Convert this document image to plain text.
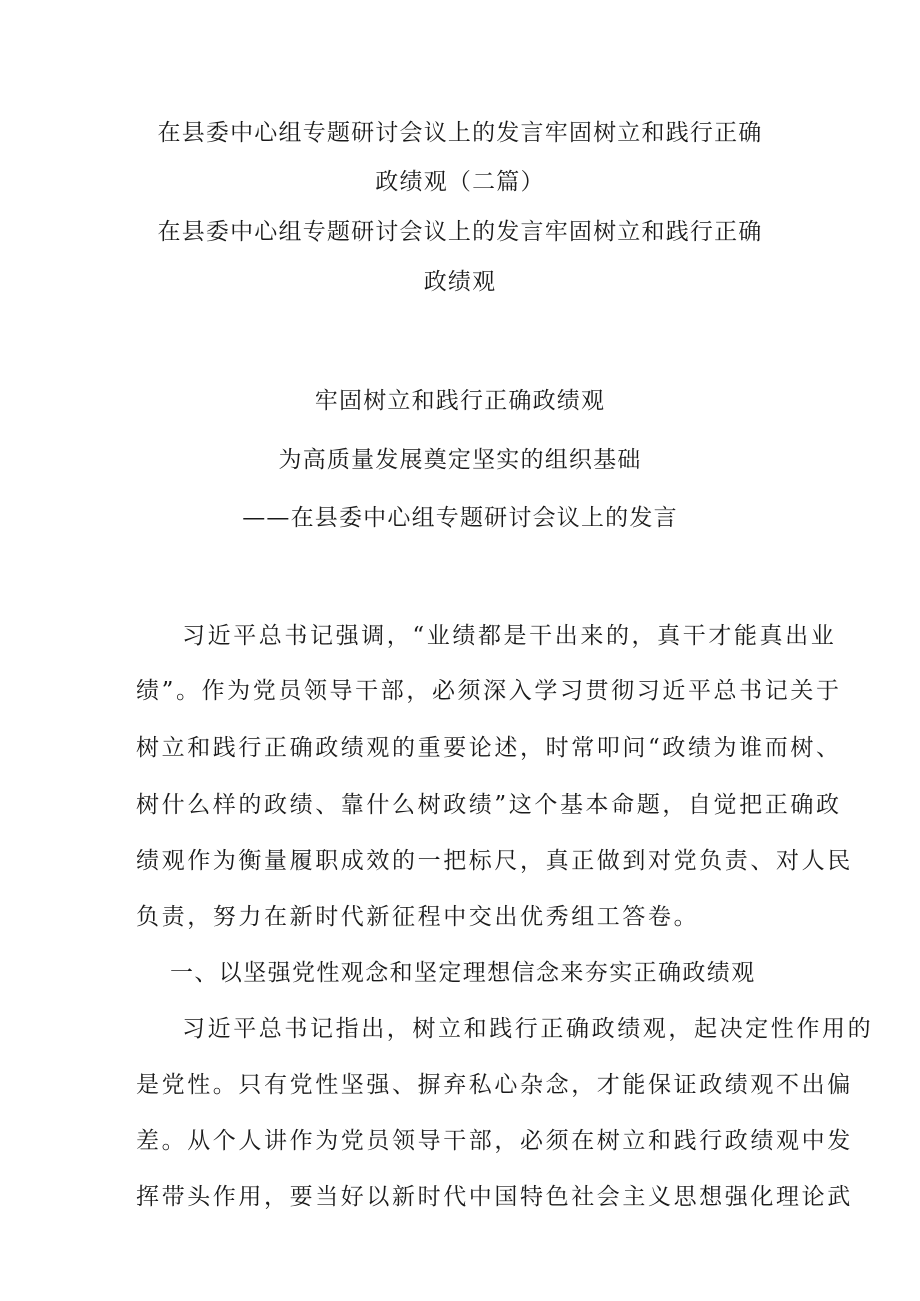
在县委中心组专题研讨会议上的发言牢固树立和践行正确
政绩观（二篇）
在县委中心组专题研讨会议上的发言牢固树立和践行正确
政绩观
牢固树立和践行正确政绩观
为高质量发展奠定坚实的组织基础
——在县委中心组专题研讨会议上的发言
习近平总书记强调，“业绩都是干出来的，真干才能真出业
绩”。作为党员领导干部，必须深入学习贯彻习近平总书记关于
树立和践行正确政绩观的重要论述，时常叩问“政绩为谁而树、
树什么样的政绩、靠什么树政绩”这个基本命题，自觉把正确政
绩观作为衡量履职成效的一把标尺，真正做到对党负责、对人民
负责，努力在新时代新征程中交出优秀组工答卷。
一、以坚强党性观念和坚定理想信念来夯实正确政绩观
习近平总书记指出，树立和践行正确政绩观，起决定性作用的
是党性。只有党性坚强、摒弃私心杂念，才能保证政绩观不出偏
差。从个人讲作为党员领导干部，必须在树立和践行政绩观中发
挥带头作用，要当好以新时代中国特色社会主义思想强化理论武
